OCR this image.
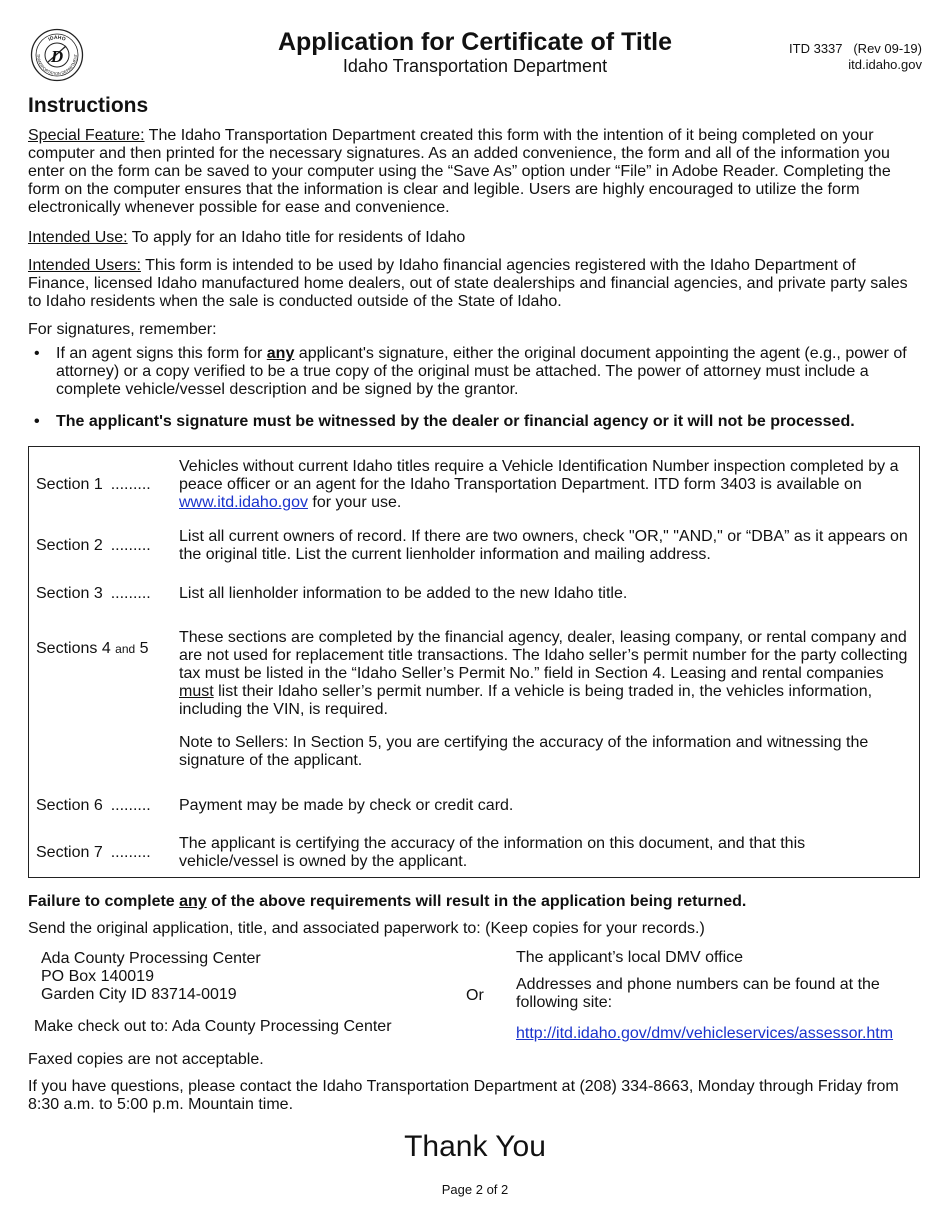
IDAHO
TRANSPORTATION DEPARTMENT
D
Application for Certificate of Title
Idaho Transportation Department
ITD 3337   (Rev 09-19)
itd.idaho.gov
Instructions

Special Feature: The Idaho Transportation Department created this form with the intention of it being completed on your computer and then printed for the necessary signatures. As an added convenience, the form and all of the information you enter on the form can be saved to your computer using the “Save As” option under “File” in Adobe Reader. Completing the form on the computer ensures that the information is clear and legible. Users are highly encouraged to utilize the form electronically whenever possible for ease and convenience.

Intended Use: To apply for an Idaho title for residents of Idaho

Intended Users: This form is intended to be used by Idaho financial agencies registered with the Idaho Department of Finance, licensed Idaho manufactured home dealers, out of state dealerships and financial agencies, and private party sales to Idaho residents when the sale is conducted outside of the State of Idaho.

For signatures, remember:

• If an agent signs this form for any applicant's signature, either the original document appointing the agent (e.g., power of attorney) or a copy verified to be a true copy of the original must be attached. The power of attorney must include a complete vehicle/vessel description and be signed by the grantor.
• The applicant's signature must be witnessed by the dealer or financial agency or it will not be processed.
Section 1 .........

Vehicles without current Idaho titles require a Vehicle Identification Number inspection completed by a peace officer or an agent for the Idaho Transportation Department. ITD form 3403 is available on www.itd.idaho.gov for your use.

Section 2 .........

List all current owners of record. If there are two owners, check "OR," "AND," or “DBA” as it appears on the original title. List the current lienholder information and mailing address.

Section 3 ......... List all lienholder information to be added to the new Idaho title.

Sections 4 and 5

These sections are completed by the financial agency, dealer, leasing company, or rental company and are not used for replacement title transactions. The Idaho seller’s permit number for the party collecting tax must be listed in the “Idaho Seller’s Permit No.” field in Section 4. Leasing and rental companies must list their Idaho seller’s permit number. If a vehicle is being traded in, the vehicles information, including the VIN, is required.

Note to Sellers: In Section 5, you are certifying the accuracy of the information and witnessing the signature of the applicant.

Section 6 ......... Payment may be made by check or credit card.

Section 7 .........

The applicant is certifying the accuracy of the information on this document, and that this vehicle/vessel is owned by the applicant.

Failure to complete any of the above requirements will result in the application being returned.
Send the original application, title, and associated paperwork to: (Keep copies for your records.)
Ada County Processing Center
PO Box 140019
Garden City ID 83714-0019
Make check out to: Ada County Processing Center
Or
The applicant’s local DMV office
Addresses and phone numbers can be found at the following site:
http://itd.idaho.gov/dmv/vehicleservices/assessor.htm
Faxed copies are not acceptable.
If you have questions, please contact the Idaho Transportation Department at (208) 334-8663, Monday through Friday from 8:30 a.m. to 5:00 p.m. Mountain time.
Thank You
Page 2 of 2
